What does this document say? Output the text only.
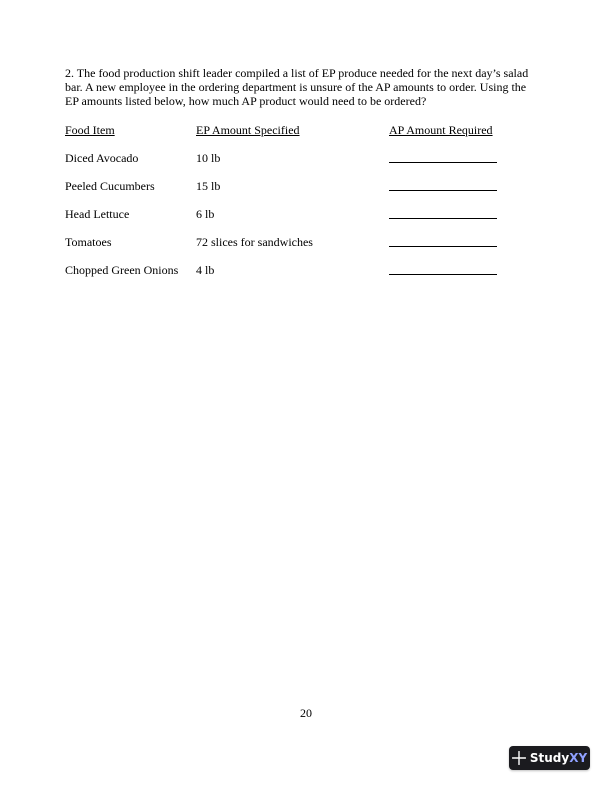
2. The food production shift leader compiled a list of EP produce needed for the next day’s salad
bar. A new employee in the ordering department is unsure of the AP amounts to order. Using the
EP amounts listed below, how much AP product would need to be ordered?
Food Item	EP Amount Specified	AP Amount Required
Diced Avocado	10 lb
Peeled Cucumbers	15 lb
Head Lettuce	6 lb
Tomatoes	72 slices for sandwiches
Chopped Green Onions 4 lb
20
StudyXY
